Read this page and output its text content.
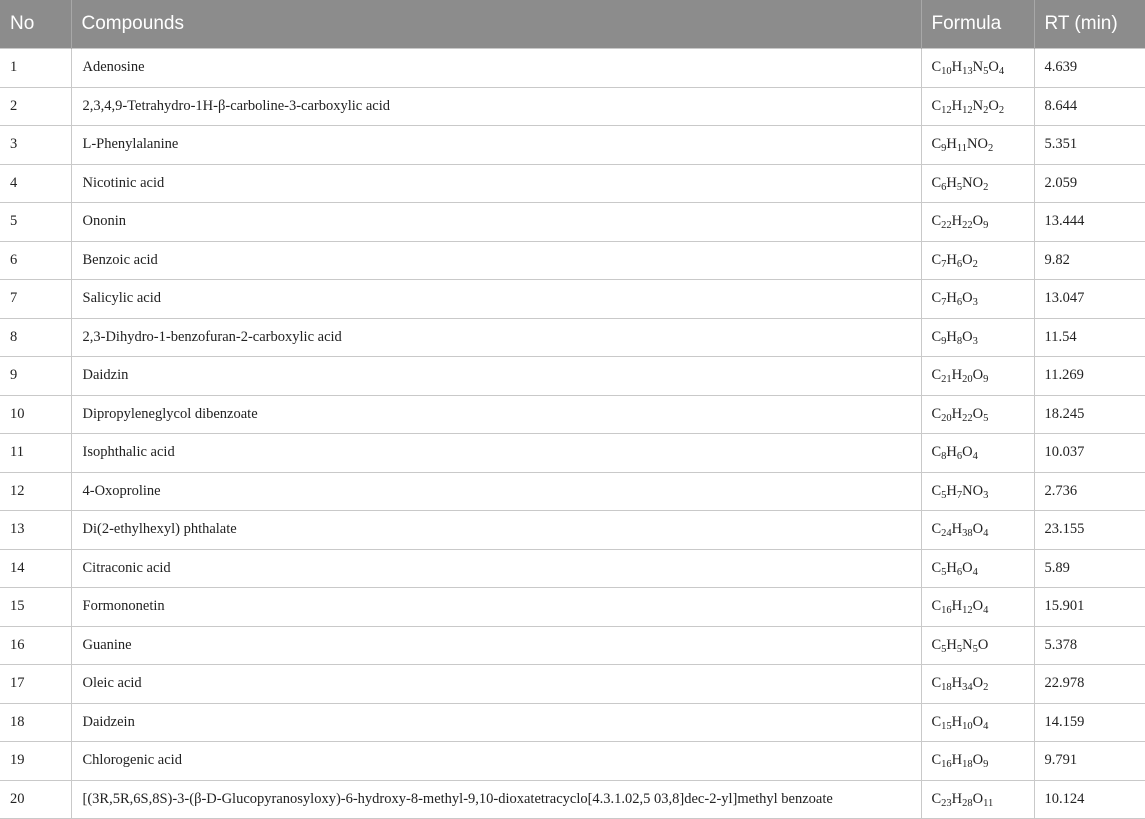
No	Compounds	Formula	RT (min)
1	Adenosine	$C_{10}H_{13}N_5O_4$	4.639
2	2,3,4,9-Tetrahydro-1H-β-carboline-3-carboxylic acid	$C_{12}H_{12}N_2O_2$	8.644
3	L-Phenylalanine	$C_9H_{11}NO_2$	5.351
4	Nicotinic acid	$C_6H_5NO_2$	2.059
5	Ononin	$C_{22}H_{22}O_9$	13.444
6	Benzoic acid	$C_7H_6O_2$	9.82
7	Salicylic acid	$C_7H_6O_3$	13.047
8	2,3-Dihydro-1-benzofuran-2-carboxylic acid	$C_9H_8O_3$	11.54
9	Daidzin	$C_{21}H_{20}O_9$	11.269
10	Dipropyleneglycol dibenzoate	$C_{20}H_{22}O_5$	18.245
11	Isophthalic acid	$C_8H_6O_4$	10.037
12	4-Oxoproline	$C_5H_7NO_3$	2.736
13	Di(2-ethylhexyl) phthalate	$C_{24}H_{38}O_4$	23.155
14	Citraconic acid	$C_5H_6O_4$	5.89
15	Formononetin	$C_{16}H_{12}O_4$	15.901
16	Guanine	$C_5H_5N_5O$	5.378
17	Oleic acid	$C_{18}H_{34}O_2$	22.978
18	Daidzein	$C_{15}H_{10}O_4$	14.159
19	Chlorogenic acid	$C_{16}H_{18}O_9$	9.791
20	[(3R,5R,6S,8S)-3-(β-D-Glucopyranosyloxy)-6-hydroxy-8-methyl-9,10-dioxatetracyclo[4.3.1.02,5 03,8]dec-2-yl]methyl benzoate	$C_{23}H_{28}O_{11}$	10.124
